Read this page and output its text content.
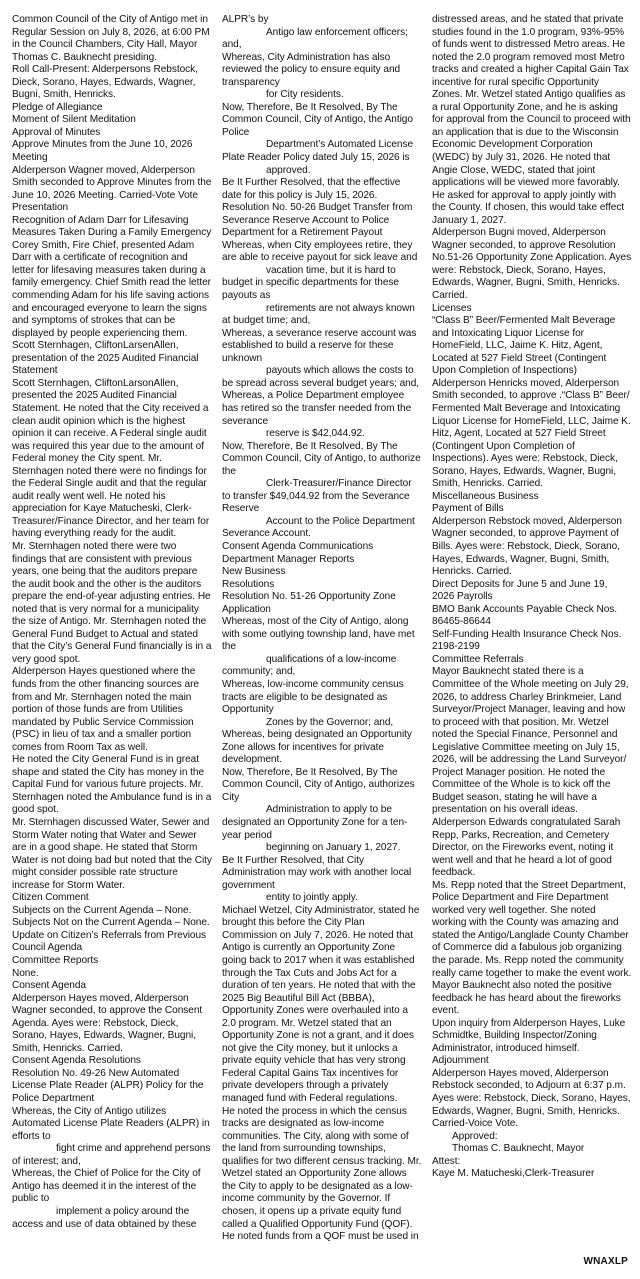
Common Council of the City of Antigo met in Regular Session on July 8, 2026, at 6:00 PM in the Council Chambers, City Hall, Mayor Thomas C. Bauknecht presiding.

Roll Call-Present: Alderpersons Rebstock, Dieck, Sorano, Hayes, Edwards, Wagner, Bugni, Smith, Henricks.

Pledge of Allegiance

Moment of Silent Meditation

Approval of Minutes

Approve Minutes from the June 10, 2026 Meeting

Alderperson Wagner moved, Alderperson Smith seconded to Approve Minutes from the June 10, 2026 Meeting. Carried-Vote Vote

Presentation

Recognition of Adam Darr for Lifesaving Measures Taken During a Family Emergency Corey Smith, Fire Chief, presented Adam Darr with a certificate of recognition and letter for lifesaving measures taken during a family emergency. Chief Smith read the letter commending Adam for his life saving actions and encouraged everyone to learn the signs and symptoms of strokes that can be displayed by people experiencing them.

Scott Sternhagen, CliftonLarsenAllen, presentation of the 2025 Audited Financial Statement

Scott Sternhagen, CliftonLarsonAllen, presented the 2025 Audited Financial Statement. He noted that the City received a clean audit opinion which is the highest opinion it can receive. A Federal single audit was required this year due to the amount of Federal money the City spent. Mr. Sternhagen noted there were no findings for the Federal Single audit and that the regular audit really went well. He noted his appreciation for Kaye Matucheski, Clerk-Treasurer/Finance Director, and her team for having everything ready for the audit.

Mr. Sternhagen noted there were two findings that are consistent with previous years, one being that the auditors prepare the audit book and the other is the auditors prepare the end-of-year adjusting entries. He noted that is very normal for a municipality the size of Antigo. Mr. Sternhagen noted the General Fund Budget to Actual and stated that the City’s General Fund financially is in a very good spot.

Alderperson Hayes questioned where the funds from the other financing sources are from and Mr. Sternhagen noted the main portion of those funds are from Utilities mandated by Public Service Commission (PSC) in lieu of tax and a smaller portion comes from Room Tax as well.

He noted the City General Fund is in great shape and stated the City has money in the Capital Fund for various future projects. Mr. Sternhagen noted the Ambulance fund is in a good spot.

Mr. Sternhagen discussed Water, Sewer and Storm Water noting that Water and Sewer are in a good shape. He stated that Storm Water is not doing bad but noted that the City might consider possible rate structure increase for Storm Water.

Citizen Comment

Subjects on the Current Agenda – None.

Subjects Not on the Current Agenda – None.

Update on Citizen’s Referrals from Previous Council Agenda

Committee Reports

None.

Consent Agenda

Alderperson Hayes moved, Alderperson Wagner seconded, to approve the Consent Agenda. Ayes were: Rebstock, Dieck, Sorano, Hayes, Edwards, Wagner, Bugni, Smith, Henricks. Carried.

Consent Agenda Resolutions

Resolution No. 49-26 New Automated License Plate Reader (ALPR) Policy for the Police Department

Whereas, the City of Antigo utilizes Automated License Plate Readers (ALPR) in efforts to

fight crime and apprehend persons

of interest; and,

Whereas, the Chief of Police for the City of Antigo has deemed it in the interest of the public to

implement a policy around the

access and use of data obtained by these

ALPR’s by

Antigo law enforcement officers;

and,

Whereas, City Administration has also reviewed the policy to ensure equity and transparency

for City residents.

Now, Therefore, Be It Resolved, By The Common Council, City of Antigo, the Antigo Police

Department’s Automated License

Plate Reader Policy dated July 15, 2026 is

approved.

Be It Further Resolved, that the effective date for this policy is July 15, 2026.

Resolution No. 50-26 Budget Transfer from Severance Reserve Account to Police Department for a Retirement Payout

Whereas, when City employees retire, they are able to receive payout for sick leave and

vacation time, but it is hard to

budget in specific departments for these payouts as

retirements are not always known

at budget time; and,

Whereas, a severance reserve account was established to build a reserve for these unknown

payouts which allows the costs to

be spread across several budget years; and,

Whereas, a Police Department employee has retired so the transfer needed from the severance

reserve is $42,044.92.

Now, Therefore, Be It Resolved, By The Common Council, City of Antigo, to authorize the

Clerk-Treasurer/Finance Director

to transfer $49,044.92 from the Severance Reserve

Account to the Police Department

Severance Account.

Consent Agenda Communications

Department Manager Reports

New Business

Resolutions

Resolution No. 51-26 Opportunity Zone Application

Whereas, most of the City of Antigo, along with some outlying township land, have met the

qualifications of a low-income

community; and,

Whereas, low-income community census tracts are eligible to be designated as Opportunity

Zones by the Governor; and,

Whereas, being designated an Opportunity Zone allows for incentives for private development.

Now, Therefore, Be It Resolved, By The Common Council, City of Antigo, authorizes City

Administration to apply to be

designated an Opportunity Zone for a ten-year period

beginning on January 1, 2027.

Be It Further Resolved, that City Administration may work with another local government

entity to jointly apply.

Michael Wetzel, City Administrator, stated he brought this before the City Plan Commission on July 7, 2026. He noted that Antigo is currently an Opportunity Zone going back to 2017 when it was established through the Tax Cuts and Jobs Act for a duration of ten years. He noted that with the 2025 Big Beautiful Bill Act (BBBA), Opportunity Zones were overhauled into a 2.0 program. Mr. Wetzel stated that an Opportunity Zone is not a grant, and it does not give the City money, but it unlocks a private equity vehicle that has very strong Federal Capital Gains Tax incentives for private developers through a privately managed fund with Federal regulations.

He noted the process in which the census tracks are designated as low-income communities. The City, along with some of the land from surrounding townships, qualifies for two different census tracking. Mr. Wetzel stated an Opportunity Zone allows the City to apply to be designated as a low-income community by the Governor. If chosen, it opens up a private equity fund called a Qualified Opportunity Fund (QOF). He noted funds from a QOF must be used in

distressed areas, and he stated that private studies found in the 1.0 program, 93%-95% of funds went to distressed Metro areas. He noted the 2.0 program removed most Metro tracks and created a higher Capital Gain Tax incentive for rural specific Opportunity Zones. Mr. Wetzel stated Antigo qualifies as a rural Opportunity Zone, and he is asking for approval from the Council to proceed with an application that is due to the Wisconsin Economic Development Corporation (WEDC) by July 31, 2026. He noted that Angie Close, WEDC, stated that joint applications will be viewed more favorably. He asked for approval to apply jointly with the County. If chosen, this would take effect January 1, 2027.

Alderperson Bugni moved, Alderperson Wagner seconded, to approve Resolution No.51-26 Opportunity Zone Application. Ayes were: Rebstock, Dieck, Sorano, Hayes, Edwards, Wagner, Bugni, Smith, Henricks. Carried.

Licenses

“Class B” Beer/Fermented Malt Beverage and Intoxicating Liquor License for HomeField, LLC, Jaime K. Hitz, Agent, Located at 527 Field Street (Contingent Upon Completion of Inspections)

Alderperson Henricks moved, Alderperson Smith seconded, to approve .“Class B” Beer/ Fermented Malt Beverage and Intoxicating Liquor License for HomeField, LLC, Jaime K. Hitz, Agent, Located at 527 Field Street (Contingent Upon Completion of Inspections). Ayes were: Rebstock, Dieck, Sorano, Hayes, Edwards, Wagner, Bugni, Smith, Henricks. Carried.

Miscellaneous Business

Payment of Bills

Alderperson Rebstock moved, Alderperson Wagner seconded, to approve Payment of Bills. Ayes were: Rebstock, Dieck, Sorano, Hayes, Edwards, Wagner, Bugni, Smith, Henricks. Carried.

Direct Deposits for June 5 and June 19, 2026 Payrolls

BMO Bank Accounts Payable Check Nos. 86465-86644

Self-Funding Health Insurance Check Nos. 2198-2199

Committee Referrals

Mayor Bauknecht stated there is a Committee of the Whole meeting on July 29, 2026, to address Charley Brinkmeier, Land Surveyor/Project Manager, leaving and how to proceed with that position. Mr. Wetzel noted the Special Finance, Personnel and Legislative Committee meeting on July 15, 2026, will be addressing the Land Surveyor/ Project Manager position. He noted the Committee of the Whole is to kick off the Budget season, stating he will have a presentation on his overall ideas.

Alderperson Edwards congratulated Sarah Repp, Parks, Recreation, and Cemetery Director, on the Fireworks event, noting it went well and that he heard a lot of good feedback.

Ms. Repp noted that the Street Department, Police Department and Fire Department worked very well together. She noted working with the County was amazing and stated the Antigo/Langlade County Chamber of Commerce did a fabulous job organizing the parade. Ms. Repp noted the community really came together to make the event work.

Mayor Bauknecht also noted the positive feedback he has heard about the fireworks event.

Upon inquiry from Alderperson Hayes, Luke Schmidtke, Building Inspector/Zoning Administrator, introduced himself.

Adjournment

Alderperson Hayes moved, Alderperson Rebstock seconded, to Adjourn at 6:37 p.m. Ayes were: Rebstock, Dieck, Sorano, Hayes, Edwards, Wagner, Bugni, Smith, Henricks. Carried-Voice Vote.

Approved:

Thomas C. Bauknecht, Mayor

Attest:

Kaye M. Matucheski,Clerk-Treasurer

WNAXLP
